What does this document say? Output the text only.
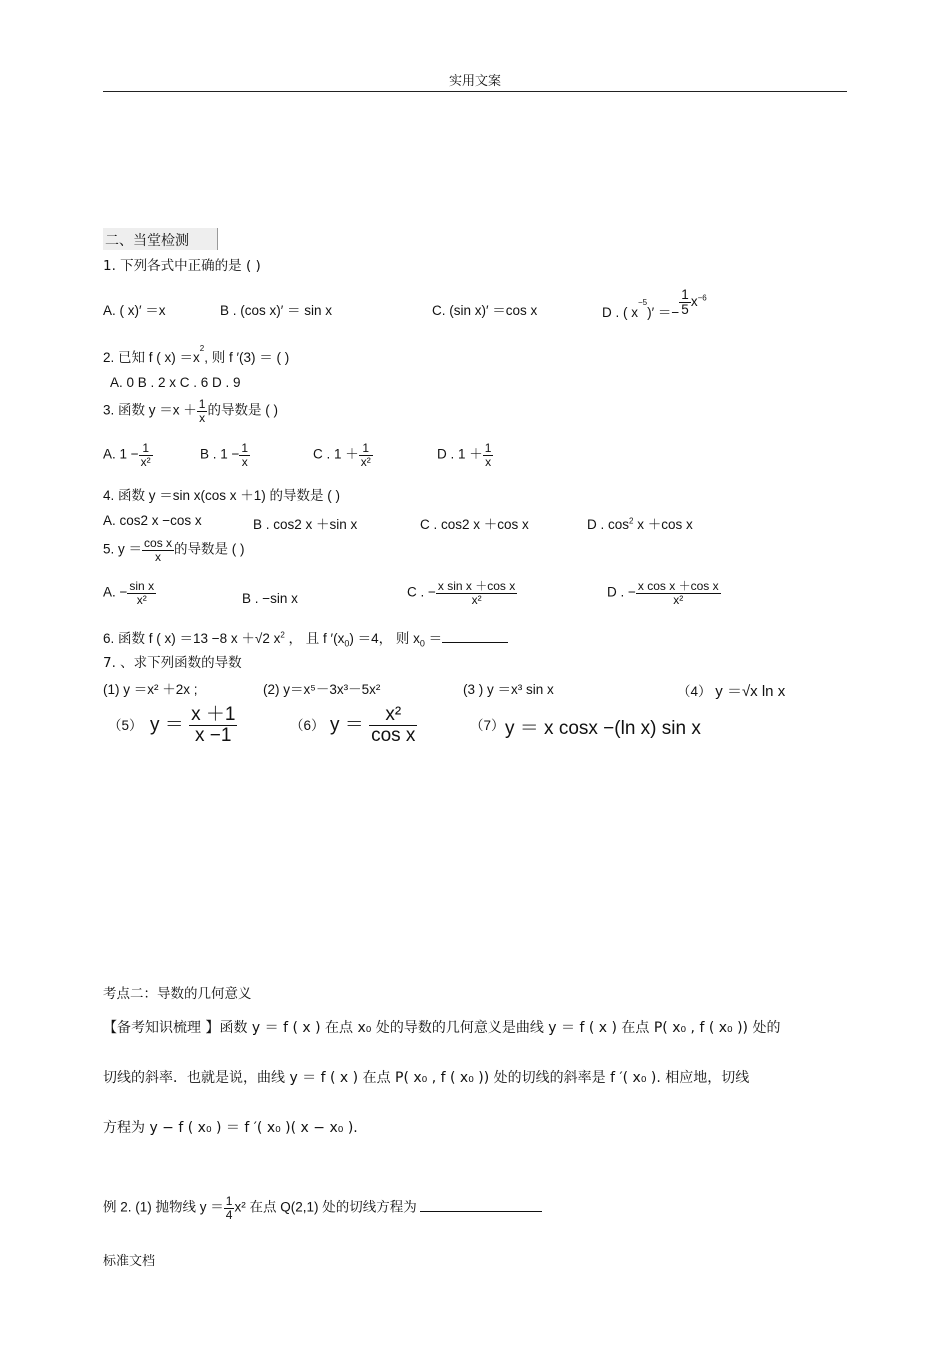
实用文案
二、当堂检测
1. 下列各式中正确的是 ( )
A. ( x)′ ＝x	B . (cos x)′ ＝ sin x	C. (sin x)′ ＝cos x	D . ( $x^{-5})' =- \frac{1}{5} x^{-6}$
2. 已知 f ( $x) =x^2$, 则 f ′(3) ＝ ( )
A. 0 B . 2 x C . 6 D . 9
3. 函数 $y =x + \frac{1}{x}$ 的导数是 ( )
A. $1 - \frac{1}{\text{x²}}$	B . $1 - \frac{1}{x}$	C . $1 + \frac{1}{\text{x²}}$	D . $1 + \frac{1}{x}$
4. 函数 y ＝sin x(cos x ＋1) 的导数是 ( )
A. cos2 x −cos x	B . cos2 x ＋sin x	C . cos2 x ＋cos x	D . $\cos^2 x +\cos$ x
5. $y = \frac{\text{cos x}}{x}$ 的导数是 ( )
A. − $\frac{\text{sin x}}{\text{x²}}$	B . −sin x	C . − $\frac{\text{x sin x ＋cos x}}{\text{x²}}$	D . − $\frac{\text{x cos x ＋cos x}}{\text{x²}}$
6. 函数 f ( x) ＝13 −8 x ＋√2 $x^2$ ， 且 f $'(x_0) =4$， 则 $x_0$ ＝
7. 、求下列函数的导数
(1) y ＝x² ＋2x ;	(2) y＝x⁵－3x³－5x²	(3 ) y ＝x³ sin x	（4） y ＝√x ln x
（5） $y = \frac{x +1}{x -1}$	（6） $y = \frac{\text{x²}}{\text{cos x}}$	（7） y ＝ x cosx −(ln x) sin x
考点二：导数的几何意义
【备考知识梳理 】函数 y ＝ f ( x ) 在点 x₀ 处的导数的几何意义是曲线 y ＝ f ( x ) 在点 P( x₀ , f ( x₀ )) 处的
切线的斜率．也就是说，曲线 y ＝ f ( x ) 在点 P( x₀ , f ( x₀ )) 处的切线的斜率是 f ′( x₀ ). 相应地，切线
方程为 y − f ( x₀ ) ＝ f ′( x₀ )( x − x₀ ).
例 2. (1) 抛物线 $y = \frac{1}{4} x^2$ 在点 Q(2,1) 处的切线方程为
标准文档
